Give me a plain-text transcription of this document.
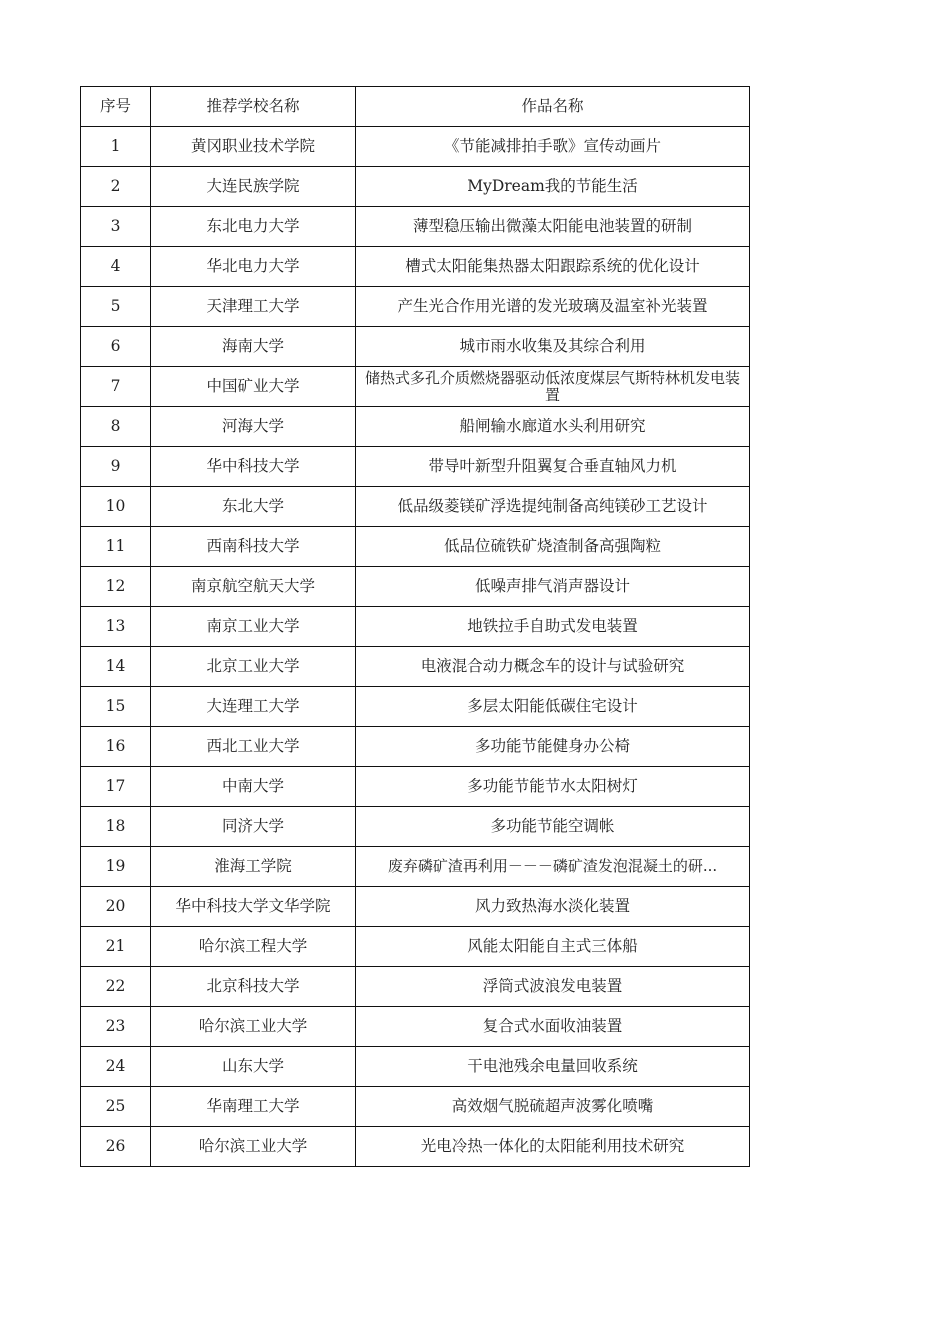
序号	推荐学校名称	作品名称
1	黄冈职业技术学院	《节能减排拍手歌》宣传动画片
2	大连民族学院	MyDream我的节能生活
3	东北电力大学	薄型稳压输出微藻太阳能电池装置的研制
4	华北电力大学	槽式太阳能集热器太阳跟踪系统的优化设计
5	天津理工大学	产生光合作用光谱的发光玻璃及温室补光装置
6	海南大学	城市雨水收集及其综合利用
7	中国矿业大学	储热式多孔介质燃烧器驱动低浓度煤层气斯特林机发电装置
8	河海大学	船闸输水廊道水头利用研究
9	华中科技大学	带导叶新型升阻翼复合垂直轴风力机
10	东北大学	低品级菱镁矿浮选提纯制备高纯镁砂工艺设计
11	西南科技大学	低品位硫铁矿烧渣制备高强陶粒
12	南京航空航天大学	低噪声排气消声器设计
13	南京工业大学	地铁拉手自助式发电装置
14	北京工业大学	电液混合动力概念车的设计与试验研究
15	大连理工大学	多层太阳能低碳住宅设计
16	西北工业大学	多功能节能健身办公椅
17	中南大学	多功能节能节水太阳树灯
18	同济大学	多功能节能空调帐
19	淮海工学院	废弃磷矿渣再利用－－－磷矿渣发泡混凝土的研...
20	华中科技大学文华学院	风力致热海水淡化装置
21	哈尔滨工程大学	风能太阳能自主式三体船
22	北京科技大学	浮筒式波浪发电装置
23	哈尔滨工业大学	复合式水面收油装置
24	山东大学	干电池残余电量回收系统
25	华南理工大学	高效烟气脱硫超声波雾化喷嘴
26	哈尔滨工业大学	光电冷热一体化的太阳能利用技术研究
